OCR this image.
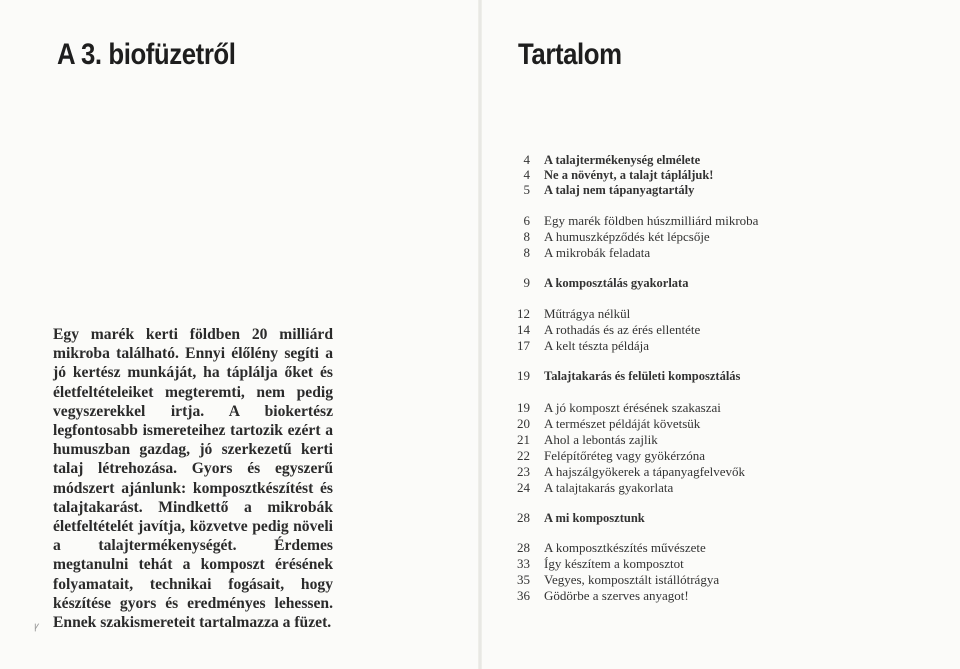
A 3. biofüzetről

Egy marék kerti földben 20 milliárd mikroba található. Ennyi élőlény segíti a jó kertész munkáját, ha táplálja őket és életfeltételeiket megteremti, nem pedig vegyszerekkel irtja. A biokertész legfontosabb ismereteihez tartozik ezért a humuszban gazdag, jó szerkezetű kerti talaj létrehozása. Gyors és egyszerű módszert ajánlunk: komposztkészítést és talajtakarást. Mindkettő a mikrobák életfeltételét javítja, közvetve pedig növeli a talajtermékenységét. Érdemes megtanulni tehát a komposzt érésének folyamatait, technikai fogásait, hogy készítése gyors és eredményes lehessen. Ennek szakismereteit tartalmazza a füzet.

ꝩ
Tartalom
4 A talajtermékenység elmélete
4 Ne a növényt, a talajt tápláljuk!
5 A talaj nem tápanyagtartály
6 Egy marék földben húszmilliárd mikroba
8 A humuszképződés két lépcsője
8 A mikrobák feladata
9 A komposztálás gyakorlata
12 Műtrágya nélkül
14 A rothadás és az érés ellentéte
17 A kelt tészta példája
19 Talajtakarás és felületi komposztálás
19 A jó komposzt érésének szakaszai
20 A természet példáját követsük
21 Ahol a lebontás zajlik
22 Felépítőréteg vagy gyökérzóna
23 A hajszálgyökerek a tápanyagfelvevők
24 A talajtakarás gyakorlata
28 A mi komposztunk
28 A komposztkészítés művészete
33 Így készítem a komposztot
35 Vegyes, komposztált istállótrágya
36 Gödörbe a szerves anyagot!
